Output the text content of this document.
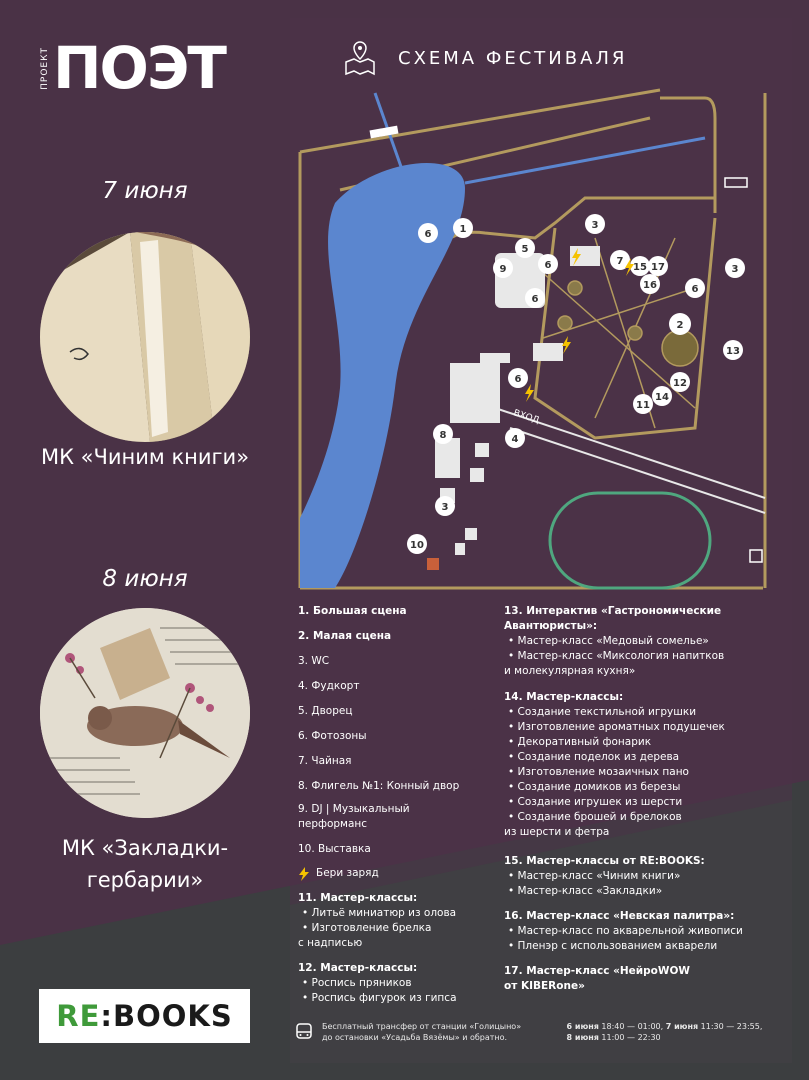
ПРОЕКТ ПОЭТ
7 июня
МК «Чиним книги»
8 июня
МК «Закладки-
гербарии»
RE :BOOKS
СХЕМА ФЕСТИВАЛЯ
ВХОД
1
2
3
3
3
4
5
6
6
6
6
6
7
8
9
10
11
12
13
14
15
16
17
1. Большая сцена
2. Малая сцена
3. WC
4. Фудкорт
5. Дворец
6. Фотозоны
7. Чайная
8. Флигель №1: Конный двор
9. DJ | Музыкальный
перформанс
10. Выставка
Бери заряд
11. Мастер-классы:
• Литьё миниатюр из олова
• Изготовление брелка
с надписью
12. Мастер-классы:
• Роспись пряников
• Роспись фигурок из гипса
13. Интерактив «Гастрономические
Авантюристы»:
• Мастер-класс «Медовый сомелье»
• Мастер-класс «Миксология напитков
и молекулярная кухня»
14. Мастер-классы:
• Создание текстильной игрушки
• Изготовление ароматных подушечек
• Декоративный фонарик
• Создание поделок из дерева
• Изготовление мозаичных пано
• Создание домиков из березы
• Создание игрушек из шерсти
• Создание брошей и брелоков
из шерсти и фетра
15. Мастер-классы от RE:BOOKS:
• Мастер-класс «Чиним книги»
• Мастер-класс «Закладки»
16. Мастер-класс «Невская палитра»:
• Мастер-класс по акварельной живописи
• Пленэр с использованием акварели
17. Мастер-класс «НейроWOW
от KIBERone»
Бесплатный трансфер от станции «Голицыно»
до остановки «Усадьба Вязёмы» и обратно.
6 июня 18:40 — 01:00, 7 июня 11:30 — 23:55,
8 июня 11:00 — 22:30
